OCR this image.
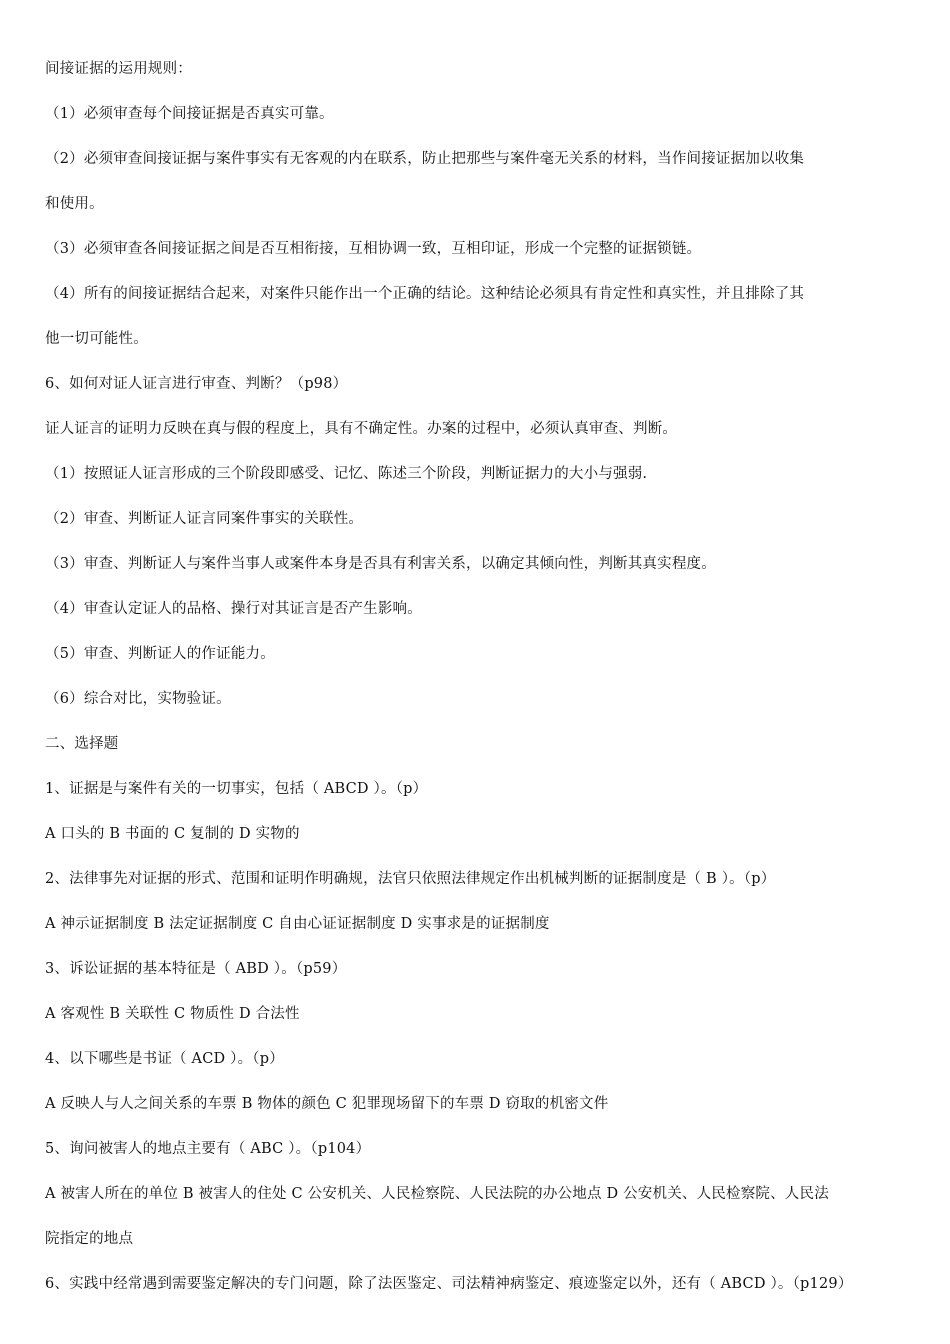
间接证据的运用规则：
（1）必须审查每个间接证据是否真实可靠。
（2）必须审查间接证据与案件事实有无客观的内在联系，防止把那些与案件毫无关系的材料，当作间接证据加以收集
和使用。
（3）必须审查各间接证据之间是否互相衔接，互相协调一致，互相印证，形成一个完整的证据锁链。
（4）所有的间接证据结合起来，对案件只能作出一个正确的结论。这种结论必须具有肯定性和真实性，并且排除了其
他一切可能性。
6、如何对证人证言进行审查、判断？（p98）
证人证言的证明力反映在真与假的程度上，具有不确定性。办案的过程中，必须认真审查、判断。
（1）按照证人证言形成的三个阶段即感受、记忆、陈述三个阶段，判断证据力的大小与强弱.
（2）审查、判断证人证言同案件事实的关联性。
（3）审查、判断证人与案件当事人或案件本身是否具有利害关系，以确定其倾向性，判断其真实程度。
（4）审查认定证人的品格、操行对其证言是否产生影响。
（5）审查、判断证人的作证能力。
（6）综合对比，实物验证。
二、选择题
1、证据是与案件有关的一切事实，包括（ ABCD ）。（p）
A 口头的 B 书面的 C 复制的 D 实物的
2、法律事先对证据的形式、范围和证明作明确规，法官只依照法律规定作出机械判断的证据制度是（ B ）。（p）
A 神示证据制度 B 法定证据制度 C 自由心证证据制度 D 实事求是的证据制度
3、诉讼证据的基本特征是（ ABD ）。（p59）
A 客观性 B 关联性 C 物质性 D 合法性
4、以下哪些是书证（ ACD ）。（p）
A 反映人与人之间关系的车票 B 物体的颜色 C 犯罪现场留下的车票 D 窃取的机密文件
5、询问被害人的地点主要有（ ABC ）。（p104）
A 被害人所在的单位 B 被害人的住处 C 公安机关、人民检察院、人民法院的办公地点 D 公安机关、人民检察院、人民法
院指定的地点
6、实践中经常遇到需要鉴定解决的专门问题，除了法医鉴定、司法精神病鉴定、痕迹鉴定以外，还有（ ABCD ）。（p129）
